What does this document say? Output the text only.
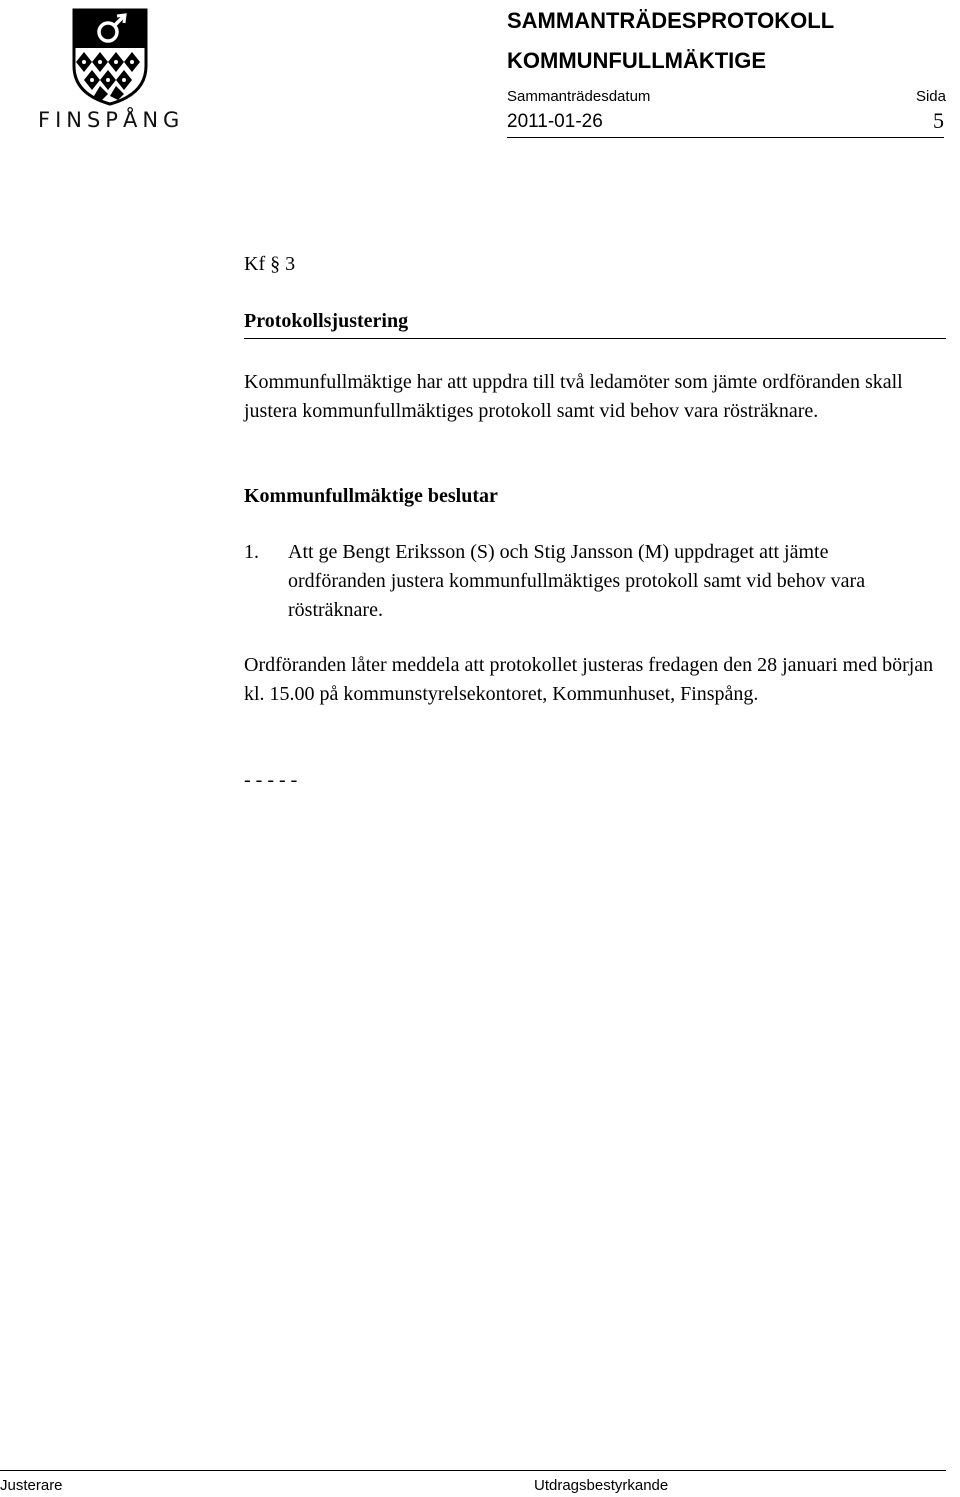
FINSPÅNG
SAMMANTRÄDESPROTOKOLL
KOMMUNFULLMÄKTIGE
Sammanträdesdatum	Sida
2011-01-26	5
Kf § 3
Protokollsjustering

Kommunfullmäktige har att uppdra till två ledamöter som jämte ordföranden skall justera kommunfullmäktiges protokoll samt vid behov vara rösträknare.

Kommunfullmäktige beslutar
1. Att ge Bengt Eriksson (S) och Stig Jansson (M) uppdraget att jämte ordföranden justera kommunfullmäktiges protokoll samt vid behov vara rösträknare.

Ordföranden låter meddela att protokollet justeras fredagen den 28 januari med början kl. 15.00 på kommunstyrelsekontoret, Kommunhuset, Finspång.

- - - - -
Justerare	Utdragsbestyrkande
